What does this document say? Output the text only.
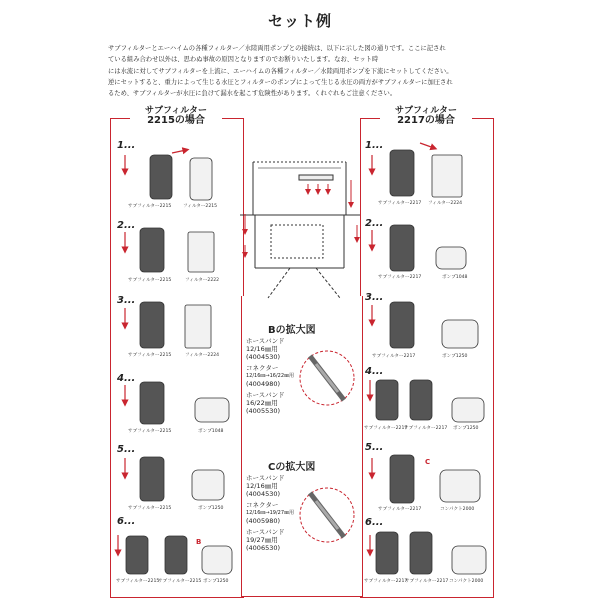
セット例
サブフィルターとエーハイムの各種フィルター／水陸両用ポンプとの接続は、以下に示した図の通りです。ここに記され
ている組み合わせ以外は、思わぬ事故の原因となりますのでお断りいたします。なお、セット時
には水流に対してサブフィルターを上流に、エーハイムの各種フィルター／水陸両用ポンプを下流にセットしてください。
逆にセットすると、重力によって生じる水圧とフィルターのポンプによって生じる水圧の両方がサブフィルターに加圧され
るため、サブフィルターが水圧に負けて漏水を起こす危険性があります。くれぐれもご注意ください。
サブフィルター
2215の場合
サブフィルター
2217の場合
1...
2...
3...
4...
5...
6...
1...
2...
3...
4...
5...
6...
サブフィルター2215	フィルター2215
サブフィルター2215	フィルター2222
サブフィルター2215	フィルター2224
サブフィルター2215	ポンプ1048
サブフィルター2215	ポンプ1250
サブフィルター2215
サブフィルター2215 ポンプ1250
サブフィルター2217 フィルター2224
サブフィルター2217	ポンプ1048
サブフィルター2217	ポンプ1250
サブフィルター2217
サブフィルター2217 ポンプ1250
サブフィルター2217	コンパクト2000
サブフィルター2217
サブフィルター2217 コンパクト2000
Bの拡大図
ホースバンド
12/16㎜用
(4004530)
コネクター
12/16㎜→16/22㎜用
(4004980)
ホースバンド
16/22㎜用
(4005530)
Cの拡大図
ホースバンド
12/16㎜用
(4004530)
コネクター
12/16㎜→19/27㎜用
(4005980)
ホースバンド
19/27㎜用
(4006530)
B
C
